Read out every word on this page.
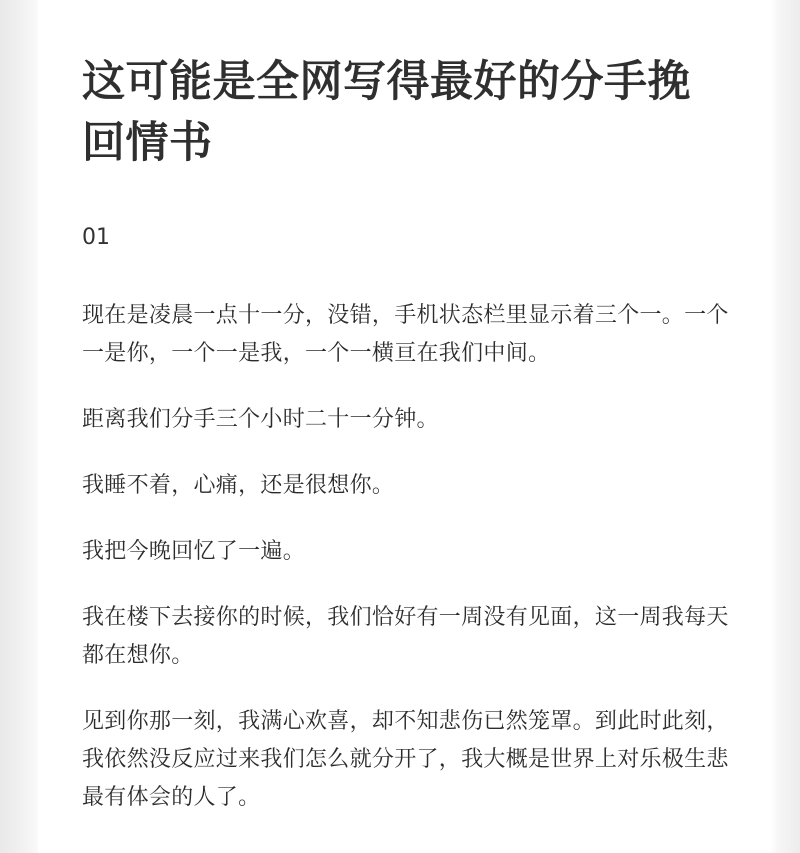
这可能是全网写得最好的分手挽回情书
01

现在是凌晨一点十一分，没错，手机状态栏里显示着三个一。一个一是你，一个一是我，一个一横亘在我们中间。

距离我们分手三个小时二十一分钟。

我睡不着，心痛，还是很想你。

我把今晚回忆了一遍。

我在楼下去接你的时候，我们恰好有一周没有见面，这一周我每天都在想你。

见到你那一刻，我满心欢喜，却不知悲伤已然笼罩。到此时此刻，我依然没反应过来我们怎么就分开了，我大概是世界上对乐极生悲最有体会的人了。
